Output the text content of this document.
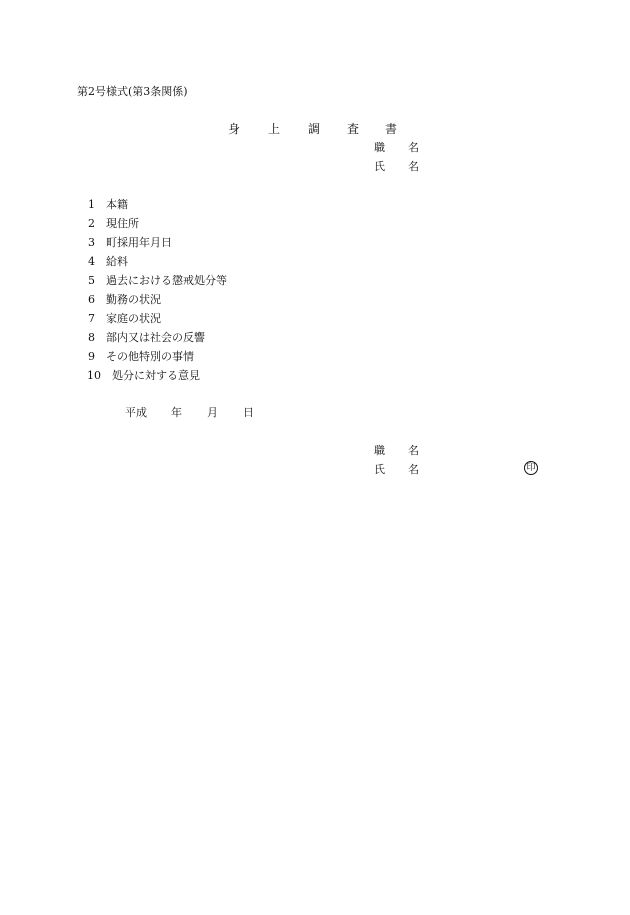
第2号様式(第3条関係)
身 上 調 査 書
職 名
氏 名
1 本籍
2 現住所
3 町採用年月日
4 給料
5 過去における懲戒処分等
6 勤務の状況
7 家庭の状況
8 部内又は社会の反響
9 その他特別の事情
10 処分に対する意見
平成 年 月 日
職 名
氏 名	印
